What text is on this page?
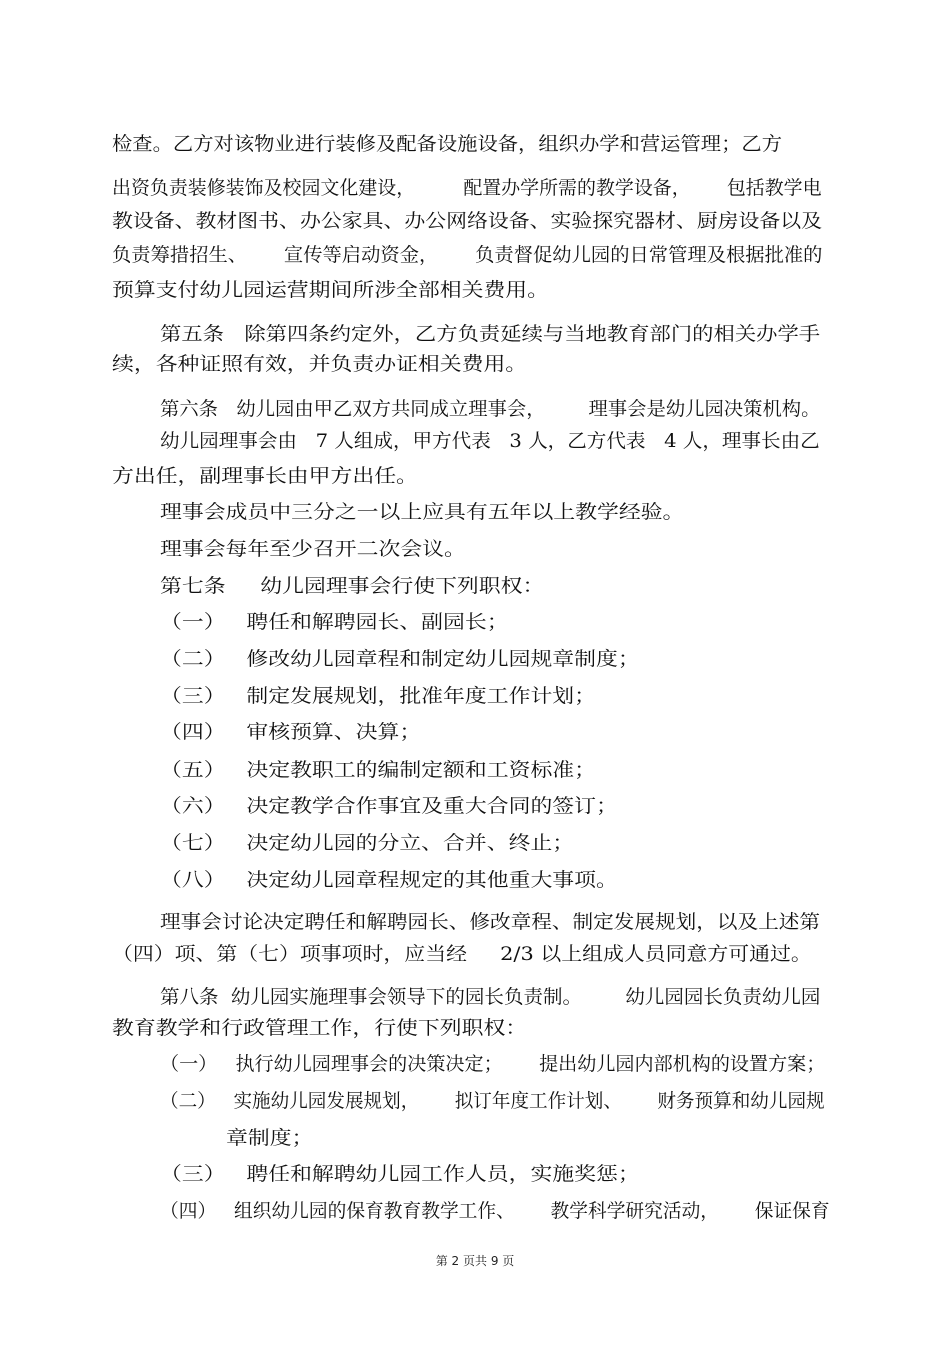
检查。乙方对该物业进行装修及配备设施设备，组织办学和营运管理；乙方
出资负责装修装饰及校园文化建设，        配置办学所需的教学设备，      包括教学电
教设备、教材图书、办公家具、办公网络设备、实验探究器材、厨房设备以及
负责筹措招生、      宣传等启动资金，      负责督促幼儿园的日常管理及根据批准的
预算支付幼儿园运营期间所涉全部相关费用。
第五条   除第四条约定外，乙方负责延续与当地教育部门的相关办学手
续，各种证照有效，并负责办证相关费用。
第六条   幼儿园由甲乙双方共同成立理事会，       理事会是幼儿园决策机构。
幼儿园理事会由   7 人组成，甲方代表   3 人，乙方代表   4 人，理事长由乙
方出任，副理事长由甲方出任。
理事会成员中三分之一以上应具有五年以上教学经验。
理事会每年至少召开二次会议。
第七条     幼儿园理事会行使下列职权：
（一）   聘任和解聘园长、副园长；
（二）   修改幼儿园章程和制定幼儿园规章制度；
（三）   制定发展规划，批准年度工作计划；
（四）   审核预算、决算；
（五）   决定教职工的编制定额和工资标准；
（六）   决定教学合作事宜及重大合同的签订；
（七）   决定幼儿园的分立、合并、终止；
（八）   决定幼儿园章程规定的其他重大事项。
理事会讨论决定聘任和解聘园长、修改章程、制定发展规划，以及上述第
（四）项、第（七）项事项时，应当经     2/3 以上组成人员同意方可通过。
第八条  幼儿园实施理事会领导下的园长负责制。       幼儿园园长负责幼儿园
教育教学和行政管理工作，行使下列职权：
（一）   执行幼儿园理事会的决策决定；      提出幼儿园内部机构的设置方案；
（二）   实施幼儿园发展规划，      拟订年度工作计划、      财务预算和幼儿园规
章制度；
（三）   聘任和解聘幼儿园工作人员，实施奖惩；
（四）   组织幼儿园的保育教育教学工作、      教学科学研究活动，      保证保育
第 2 页共 9 页
